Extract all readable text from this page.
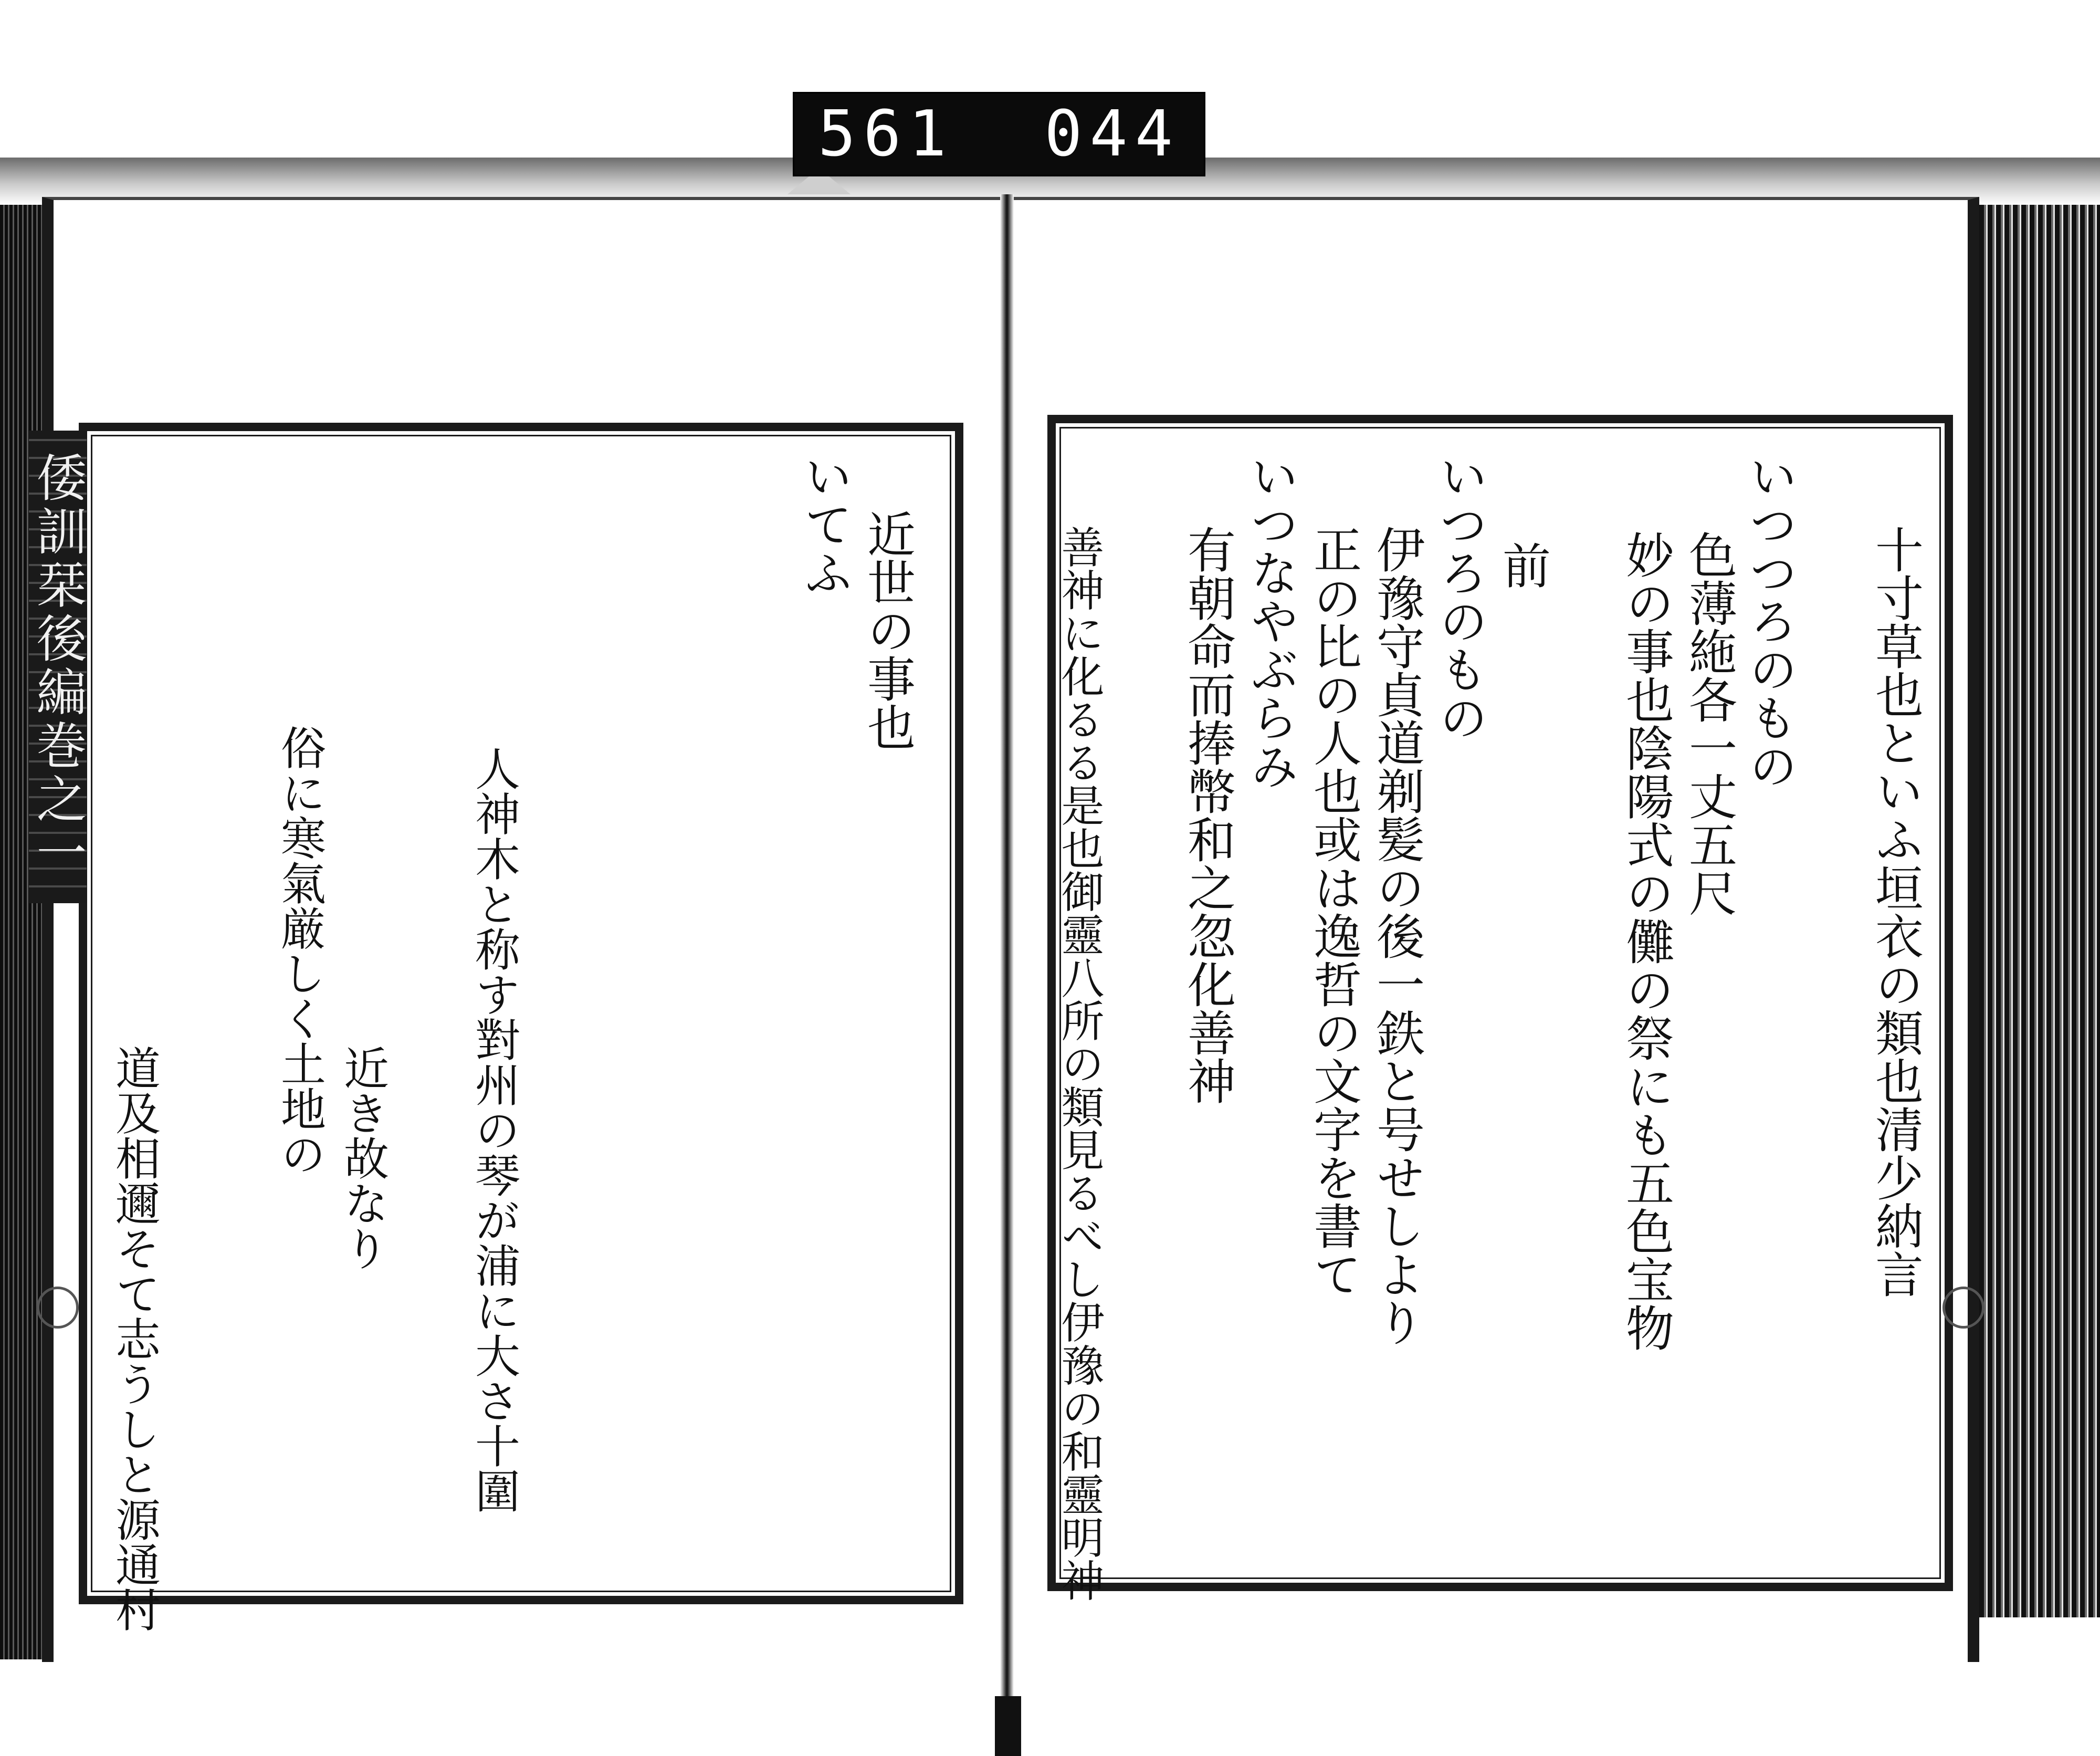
561  044
倭訓栞後編巻之一	近世の事也
いてふ
道及相邇そて志うしと源通村	人神木と称す對州の琴が浦に大さ十圍
近き故なり
俗に寒氣厳しく土地の	十寸草也といふ垣衣の類也清少納言
いつつろのもの
色薄絁各一丈五尺
妙の事也陰陽式の儺の祭にも五色宝物
前
いつろのもの
伊豫守貞道剃髪の後一鉄と号せしより
正の比の人也或は逸哲の文字を書て
いつなやぶらみ
有朝命而捧幣和之忽化善神
善神に化るる是也御靈八所の類見るべし伊豫の和靈明神
